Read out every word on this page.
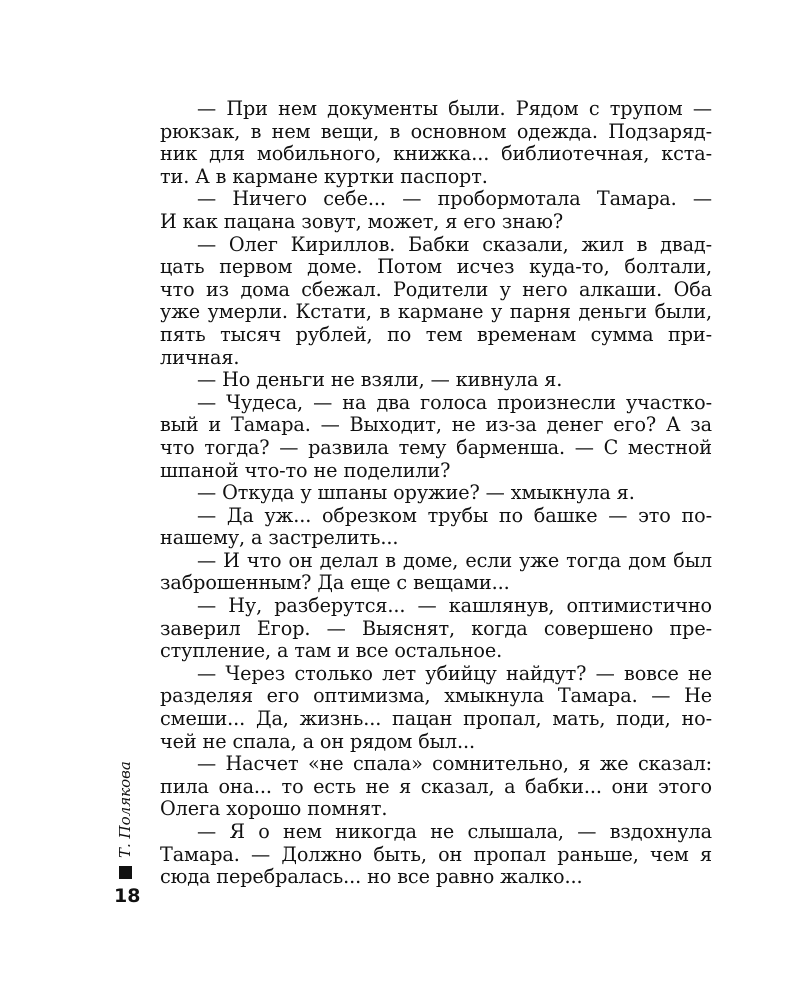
— При нем документы были. Рядом с трупом —
рюкзак, в нем вещи, в основном одежда. Подзаряд-
ник для мобильного, книжка... библиотечная, кста-
ти. А в кармане куртки паспорт.
— Ничего себе... — пробормотала Тамара. —
И как пацана зовут, может, я его знаю?
— Олег Кириллов. Бабки сказали, жил в двад-
цать первом доме. Потом исчез куда-то, болтали,
что из дома сбежал. Родители у него алкаши. Оба
уже умерли. Кстати, в кармане у парня деньги были,
пять тысяч рублей, по тем временам сумма при-
личная.
— Но деньги не взяли, — кивнула я.
— Чудеса, — на два голоса произнесли участко-
вый и Тамара. — Выходит, не из-за денег его? А за
что тогда? — развила тему барменша. — С местной
шпаной что-то не поделили?
— Откуда у шпаны оружие? — хмыкнула я.
— Да уж... обрезком трубы по башке — это по-
нашему, а застрелить...
— И что он делал в доме, если уже тогда дом был
заброшенным? Да еще с вещами...
— Ну, разберутся... — кашлянув, оптимистично
заверил Егор. — Выяснят, когда совершено пре-
ступление, а там и все остальное.
— Через столько лет убийцу найдут? — вовсе не
разделяя его оптимизма, хмыкнула Тамара. — Не
смеши... Да, жизнь... пацан пропал, мать, поди, но-
чей не спала, а он рядом был...
— Насчет «не спала» сомнительно, я же сказал:
пила она... то есть не я сказал, а бабки... они этого
Олега хорошо помнят.
— Я о нем никогда не слышала, — вздохнула
Тамара. — Должно быть, он пропал раньше, чем я
сюда перебралась... но все равно жалко...
Т. Полякова
18
